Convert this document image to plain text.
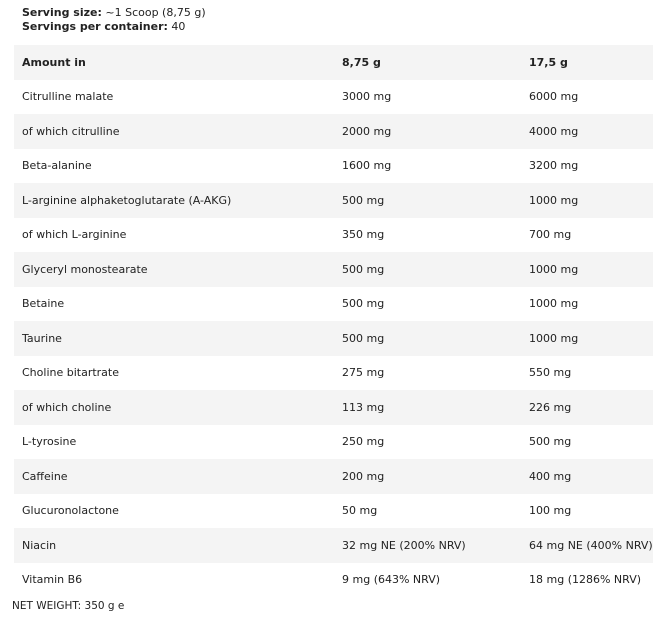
Serving size: ~1 Scoop (8,75 g)
Servings per container: 40
Amount in	8,75 g	17,5 g
Citrulline malate	3000 mg	6000 mg
of which citrulline	2000 mg	4000 mg
Beta-alanine	1600 mg	3200 mg
L-arginine alphaketoglutarate (A-AKG)	500 mg	1000 mg
of which L-arginine	350 mg	700 mg
Glyceryl monostearate	500 mg	1000 mg
Betaine	500 mg	1000 mg
Taurine	500 mg	1000 mg
Choline bitartrate	275 mg	550 mg
of which choline	113 mg	226 mg
L-tyrosine	250 mg	500 mg
Caffeine	200 mg	400 mg
Glucuronolactone	50 mg	100 mg
Niacin	32 mg NE (200% NRV)	64 mg NE (400% NRV)
Vitamin B6	9 mg (643% NRV)	18 mg (1286% NRV)
NET WEIGHT: 350 g e
